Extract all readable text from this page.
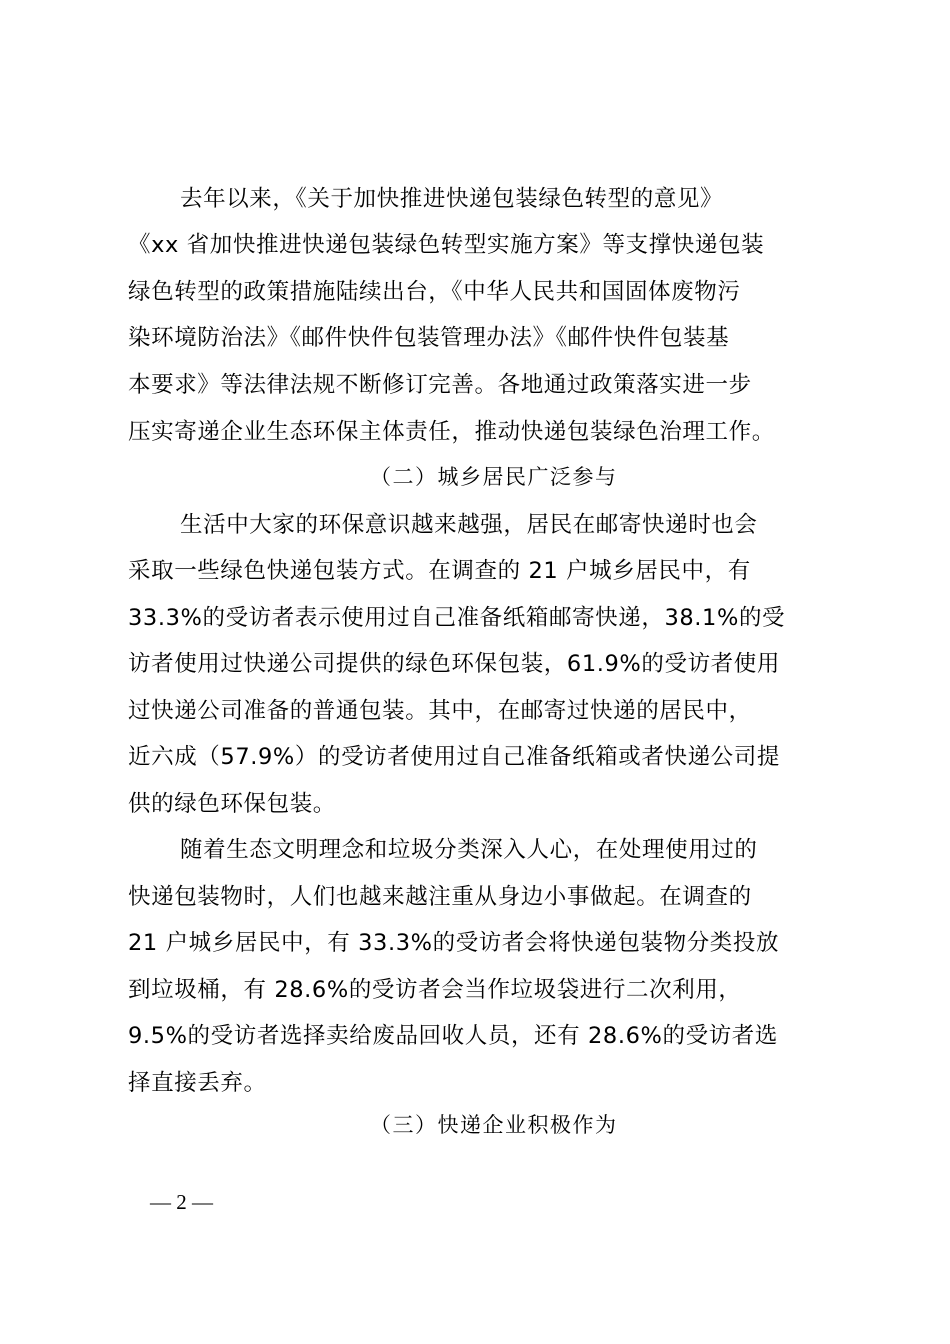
去年以来，《关于加快推进快递包装绿色转型的意见》
《xx 省加快推进快递包装绿色转型实施方案》等支撑快递包装
绿色转型的政策措施陆续出台，《中华人民共和国固体废物污
染环境防治法》《邮件快件包装管理办法》《邮件快件包装基
本要求》等法律法规不断修订完善。各地通过政策落实进一步
压实寄递企业生态环保主体责任，推动快递包装绿色治理工作。
（二）城乡居民广泛参与
生活中大家的环保意识越来越强，居民在邮寄快递时也会
采取一些绿色快递包装方式。在调查的 21 户城乡居民中，有
33.3%的受访者表示使用过自己准备纸箱邮寄快递，38.1%的受
访者使用过快递公司提供的绿色环保包装，61.9%的受访者使用
过快递公司准备的普通包装。其中，在邮寄过快递的居民中，
近六成（57.9%）的受访者使用过自己准备纸箱或者快递公司提
供的绿色环保包装。
随着生态文明理念和垃圾分类深入人心，在处理使用过的
快递包装物时，人们也越来越注重从身边小事做起。在调查的
21 户城乡居民中，有 33.3%的受访者会将快递包装物分类投放
到垃圾桶，有 28.6%的受访者会当作垃圾袋进行二次利用，
9.5%的受访者选择卖给废品回收人员，还有 28.6%的受访者选
择直接丢弃。
（三）快递企业积极作为
— 2 —
